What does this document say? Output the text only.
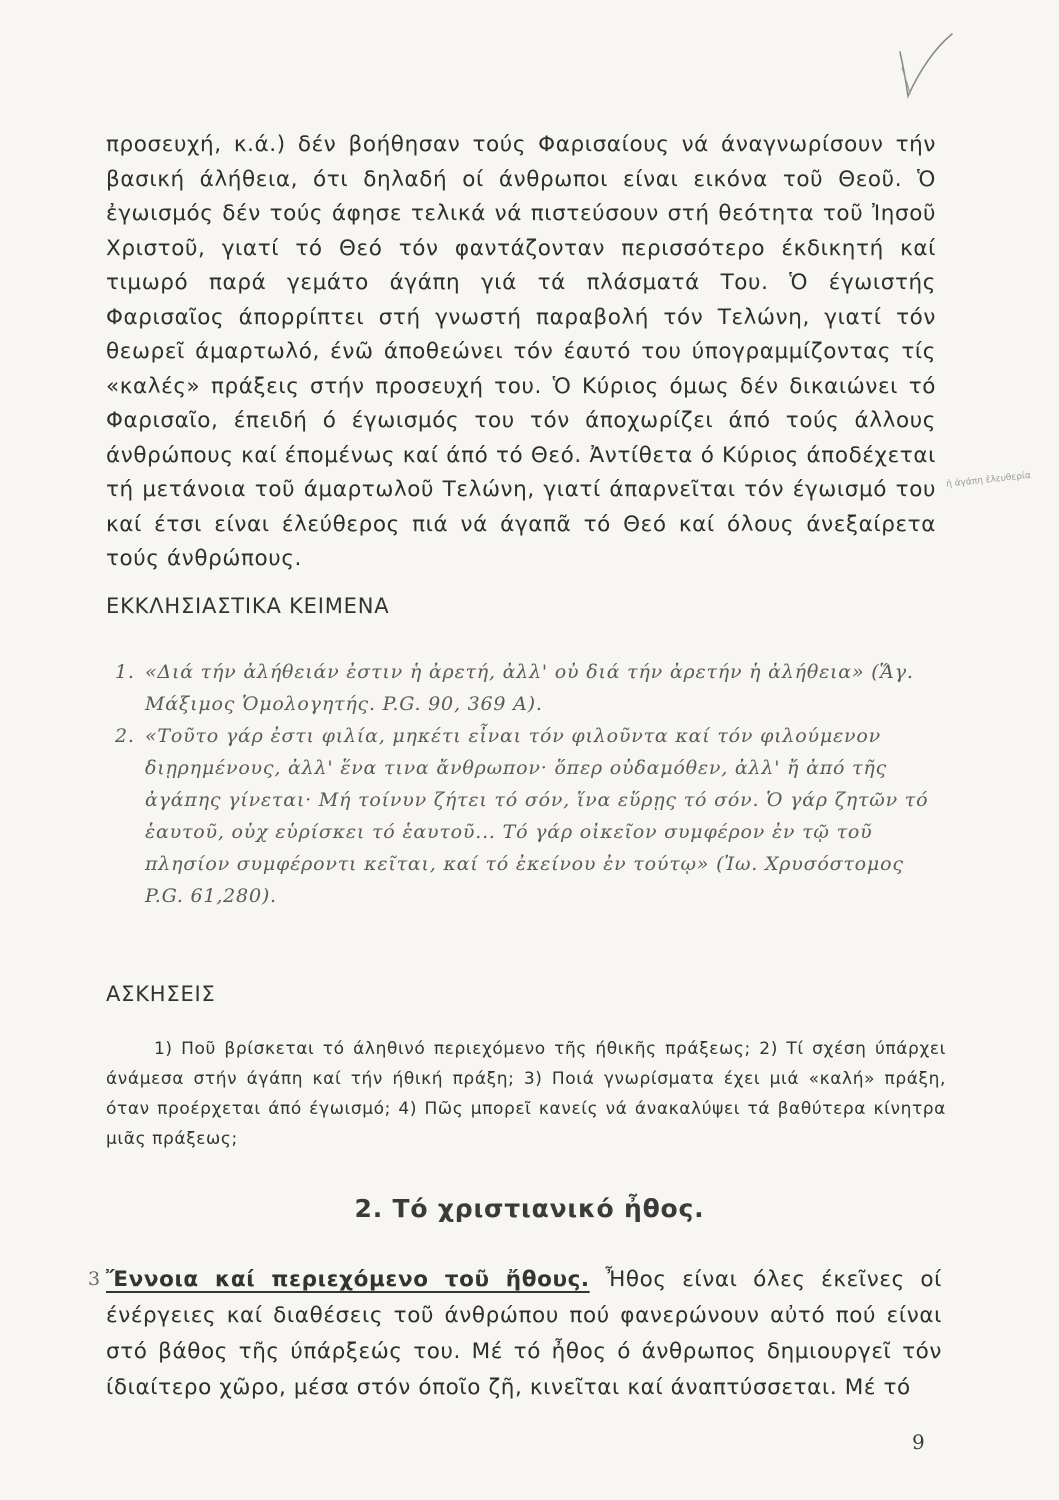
προσευχή, κ.ά.) δέν βοήθησαν τούς Φαρισαίους νά άναγνωρίσουν τήν βασική άλήθεια, ότι δηλαδή οί άνθρωποι είναι εικόνα τοῦ Θεοῦ. Ὁ ἐγωισμός δέν τούς άφησε τελικά νά πιστεύσουν στή θεότητα τοῦ Ἰησοῦ Χριστοῦ, γιατί τό Θεό τόν φαντάζονταν περισσότερο έκδικητή καί τιμωρό παρά γεμάτο άγάπη γιά τά πλάσματά Του. Ὁ έγωιστής Φαρισαῖος άπορρίπτει στή γνωστή παραβολή τόν Τελώνη, γιατί τόν θεωρεῖ άμαρτωλό, ένῶ άποθεώνει τόν έαυτό του ύπογραμμίζοντας τίς «καλές» πράξεις στήν προσευχή του. Ὁ Κύριος όμως δέν δικαιώνει τό Φαρισαῖο, έπειδή ό έγωισμός του τόν άποχωρίζει άπό τούς άλλους άνθρώπους καί έπομένως καί άπό τό Θεό. Ἀντίθετα ό Κύριος άποδέχεται τή μετάνοια τοῦ άμαρτωλοῦ Τελώνη, γιατί άπαρνεῖται τόν έγωισμό του καί έτσι είναι έλεύθερος πιά νά άγαπᾶ τό Θεό καί όλους άνεξαίρετα τούς άνθρώπους.

ἡ ἀγάπη ἐλευθερία
ΕΚΚΛΗΣΙΑΣΤΙΚΑ ΚΕΙΜΕΝΑ

1. «Διά τήν ἀλήθειάν ἐστιν ἡ ἀρετή, ἀλλ' οὐ διά τήν ἀρετήν ἡ ἀλήθεια» (Ἅγ. Μάξιμος Ὁμολογητής. P.G. 90, 369 Α).

2. «Τοῦτο γάρ ἐστι φιλία, μηκέτι εἶναι τόν φιλοῦντα καί τόν φιλούμενον διῃρημένους, ἀλλ' ἕνα τινα ἄνθρωπον· ὅπερ οὐδαμόθεν, ἀλλ' ἤ ἀπό τῆς ἀγάπης γίνεται· Μή τοίνυν ζήτει τό σόν, ἵνα εὕρῃς τό σόν. Ὁ γάρ ζητῶν τό ἑαυτοῦ, οὐχ εὑρίσκει τό ἑαυτοῦ... Τό γάρ οἰκεῖον συμφέρον ἐν τῷ τοῦ πλησίον συμφέροντι κεῖται, καί τό ἐκείνου ἐν τούτῳ» (Ἰω. Χρυσόστομος P.G. 61,280).

ΑΣΚΗΣΕΙΣ

1) Ποῦ βρίσκεται τό άληθινό περιεχόμενο τῆς ήθικῆς πράξεως; 2) Τί σχέση ύπάρχει άνάμεσα στήν άγάπη καί τήν ήθική πράξη; 3) Ποιά γνωρίσματα έχει μιά «καλή» πράξη, όταν προέρχεται άπό έγωισμό; 4) Πῶς μπορεῖ κανείς νά άνακαλύψει τά βαθύτερα κίνητρα μιᾶς πράξεως;

2. Τό χριστιανικό ἦθος.
3 Ἔννοια καί περιεχόμενο τοῦ ἤθους. Ἦθος είναι όλες έκεῖνες οί ένέργειες καί διαθέσεις τοῦ άνθρώπου πού φανερώνουν αὐτό πού είναι στό βάθος τῆς ύπάρξεώς του. Μέ τό ἦθος ό άνθρωπος δημιουργεῖ τόν ίδιαίτερο χῶρο, μέσα στόν όποῖο ζῆ, κινεῖται καί άναπτύσσεται. Μέ τό

9
